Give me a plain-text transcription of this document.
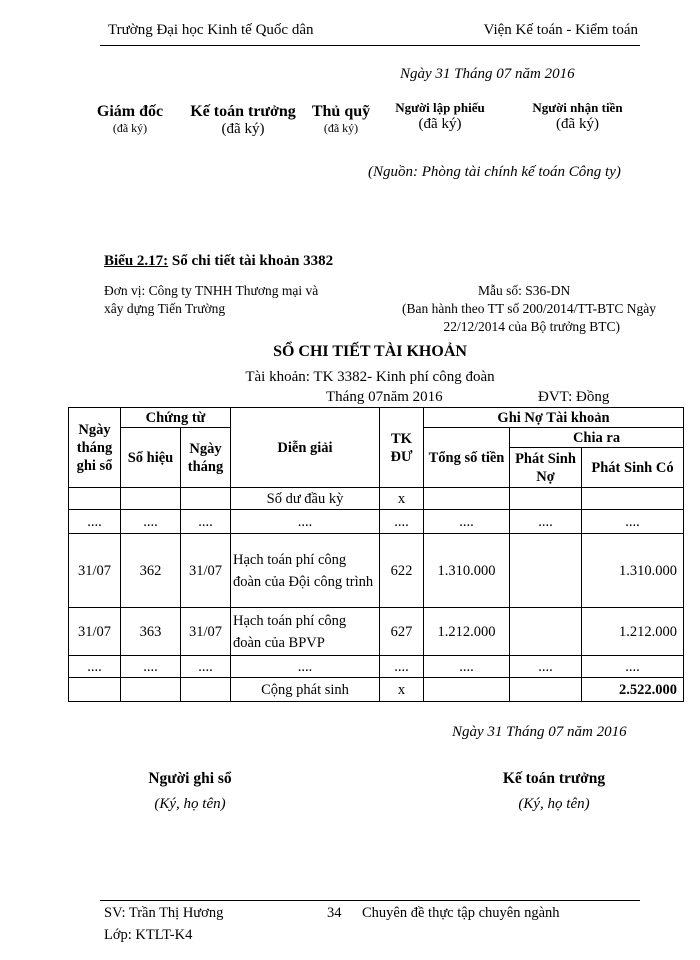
Trường Đại học Kinh tế Quốc dân	Viện Kế toán - Kiểm toán
Ngày 31 Tháng 07 năm 2016
Giám đốc
(đã ký)
Kế toán trưởng
(đã ký)
Thủ quỹ
(đã ký)
Người lập phiếu
(đã ký)
Người nhận tiền
(đã ký)
(Nguồn: Phòng tài chính kế toán Công ty)
Biểu 2.17: Sổ chi tiết tài khoản 3382
Đơn vị: Công ty TNHH Thương mại và
xây dựng Tiến Trường
Mẫu số: S36-DN
(Ban hành theo TT số 200/2014/TT-BTC Ngày
22/12/2014 của Bộ trưởng BTC)
SỔ CHI TIẾT TÀI KHOẢN
Tài khoản: TK 3382- Kinh phí công đoàn
Tháng 07năm 2016	ĐVT: Đồng
Ngày tháng ghi sổ	Chứng từ		Diễn giải	TK ĐƯ	Ghi Nợ Tài khoản		
	Số hiệu	Ngày tháng			Tổng số tiền	Chia ra	
						Phát Sinh Nợ	Phát Sinh Có
			Số dư đầu kỳ	x			
....	....	....	....	....	....	....	....
31/07	362	31/07	Hạch toán phí công đoàn của Đội công trình	622	1.310.000		1.310.000
31/07	363	31/07	Hạch toán phí công đoàn của BPVP	627	1.212.000		1.212.000
....	....	....	....	....	....	....	....
			Cộng phát sinh	x			2.522.000
Ngày 31 Tháng 07 năm 2016
Người ghi sổ
(Ký, họ tên)
Kế toán trưởng
(Ký, họ tên)
SV: Trần Thị Hương	34 Chuyên đề thực tập chuyên ngành
Lớp: KTLT-K4
